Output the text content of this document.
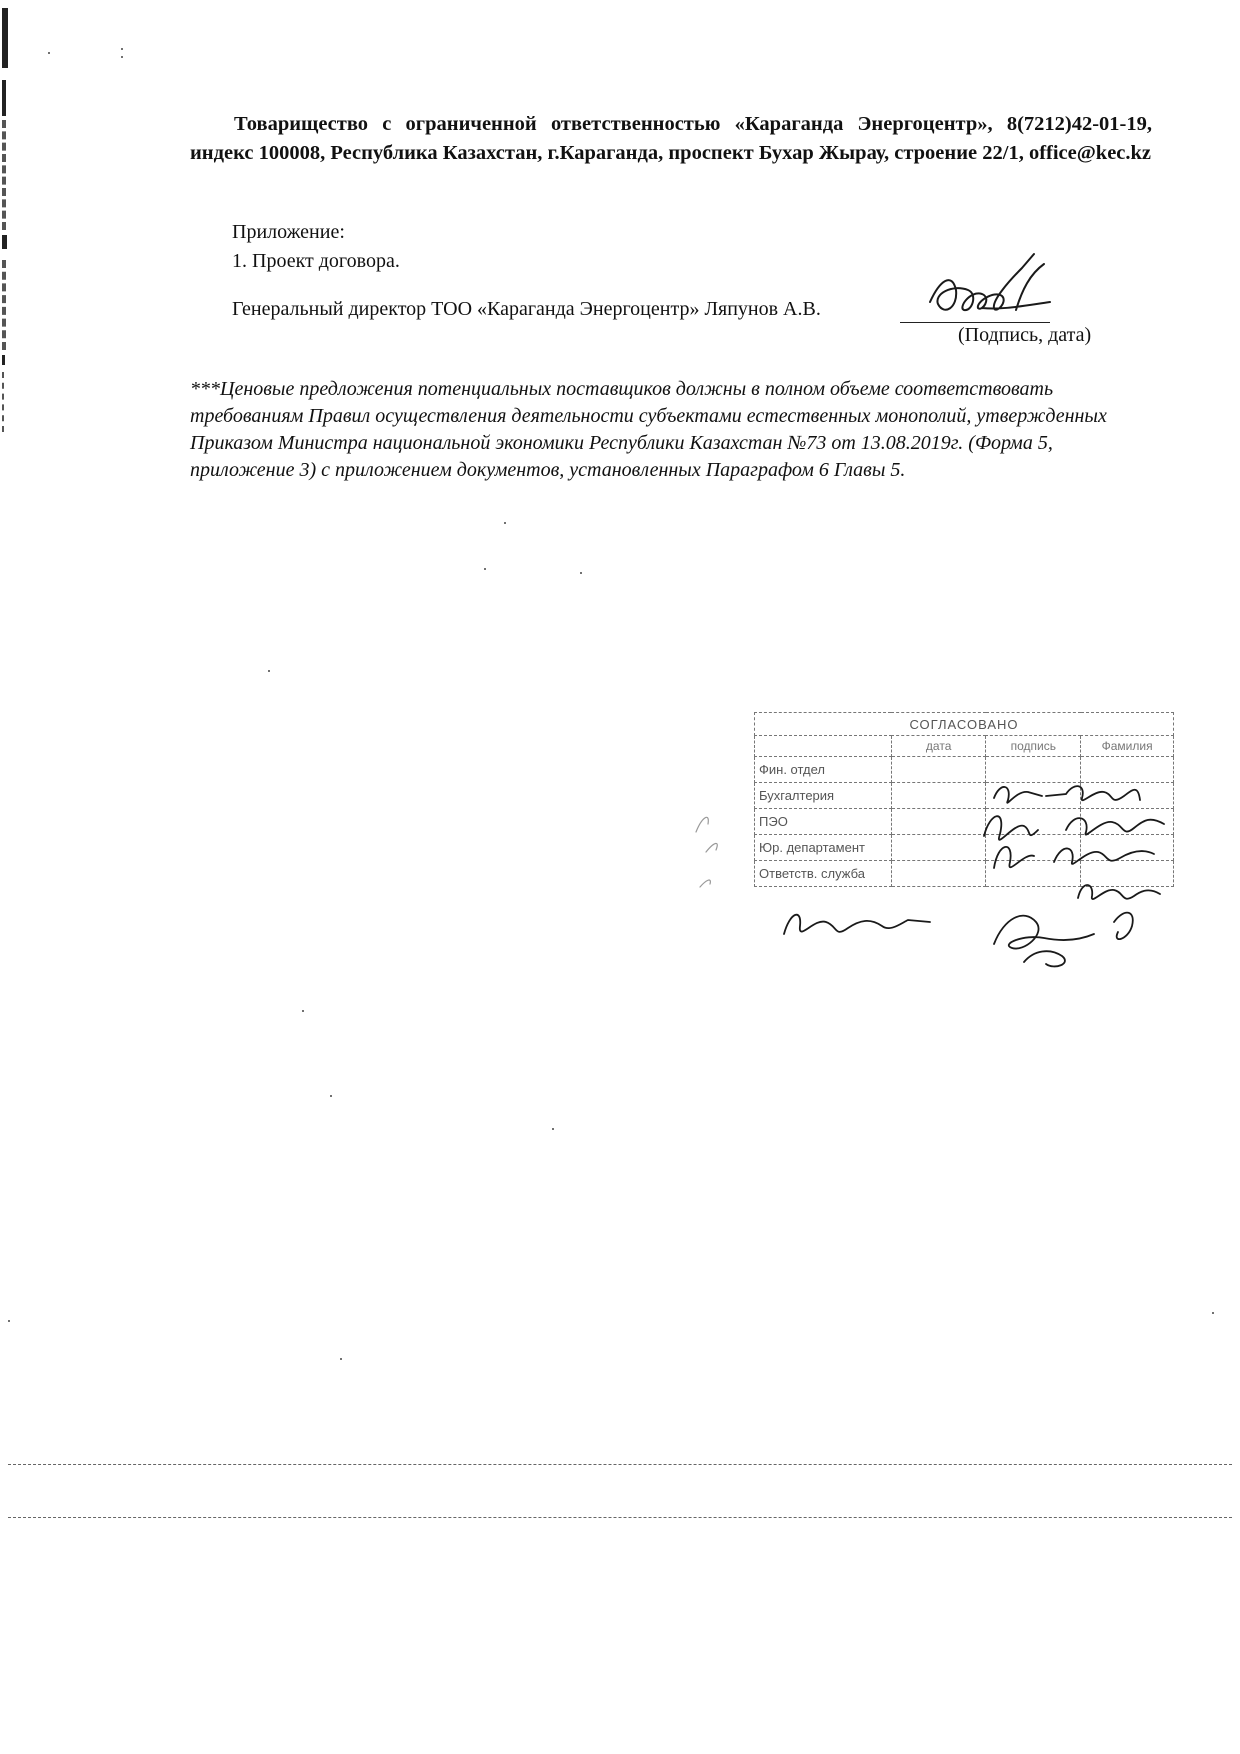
Товарищество с ограниченной ответственностью «Караганда Энергоцентр», 8(7212)42-01-19, индекс 100008, Республика Казахстан, г.Караганда, проспект Бухар Жырау, строение 22/1, office@kec.kz
Приложение:
1. Проект договора.
Генеральный директор ТОО «Караганда Энергоцентр» Ляпунов А.В.
(Подпись, дата)
***Ценовые предложения потенциальных поставщиков должны в полном объеме соответствовать требованиям Правил осуществления деятельности субъектами естественных монополий, утвержденных Приказом Министра национальной экономики Республики Казахстан №73 от 13.08.2019г. (Форма 5, приложение 3) с приложением документов, установленных Параграфом 6 Главы 5.
СОГЛАСОВАНО			
	дата	подпись	Фамилия
Фин. отдел			
Бухгалтерия			
ПЭО			
Юр. департамент			
Ответств. служба			
